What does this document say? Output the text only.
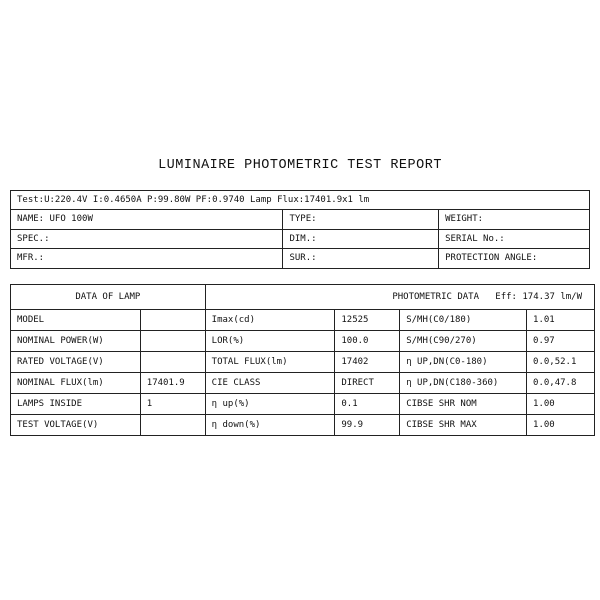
LUMINAIRE PHOTOMETRIC TEST REPORT
Test:U:220.4V I:0.4650A P:99.80W PF:0.9740 Lamp Flux:17401.9x1 lm		
NAME: UFO 100W	TYPE:	WEIGHT:
SPEC.:	DIM.:	SERIAL No.:
MFR.:	SUR.:	PROTECTION ANGLE:
DATA OF LAMP		PHOTOMETRIC DATA Eff: 174.37 lm/W			
MODEL		Imax(cd)	12525	S/MH(C0/180)	1.01
NOMINAL POWER(W)		LOR(%)	100.0	S/MH(C90/270)	0.97
RATED VOLTAGE(V)		TOTAL FLUX(lm)	17402	η UP,DN(C0-180)	0.0,52.1
NOMINAL FLUX(lm)	17401.9	CIE CLASS	DIRECT	η UP,DN(C180-360)	0.0,47.8
LAMPS INSIDE	1	η up(%)	0.1	CIBSE SHR NOM	1.00
TEST VOLTAGE(V)		η down(%)	99.9	CIBSE SHR MAX	1.00
